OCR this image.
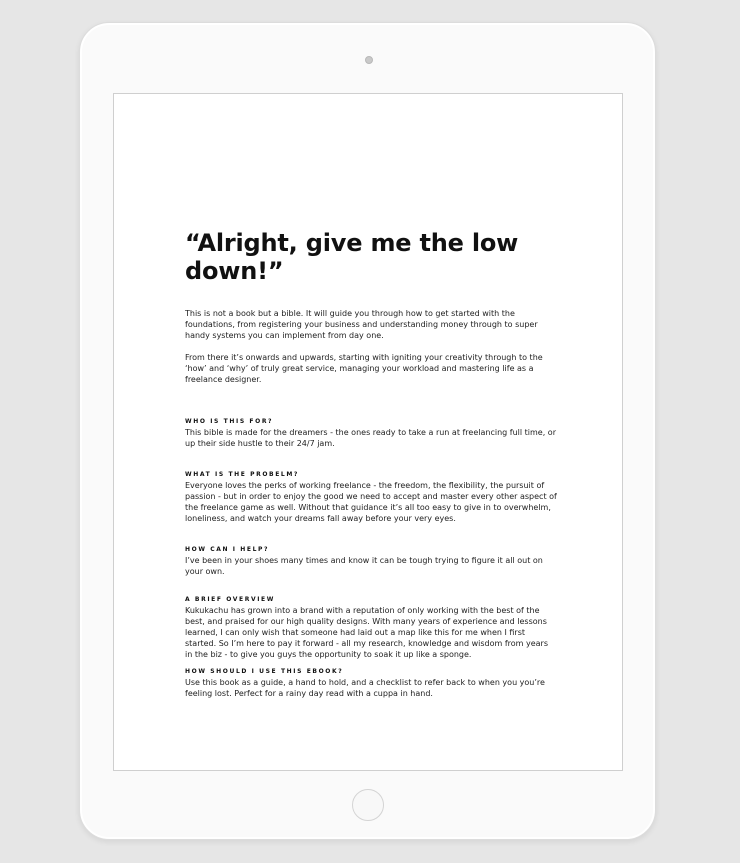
“Alright, give me the low down!”

This is not a book but a bible. It will guide you through how to get started with the foundations, from registering your business and understanding money through to super handy systems you can implement from day one.

From there it’s onwards and upwards, starting with igniting your creativity through to the ‘how’ and ‘why’ of truly great service, managing your workload and mastering life as a freelance designer.

WHO IS THIS FOR?

This bible is made for the dreamers - the ones ready to take a run at freelancing full time, or up their side hustle to their 24/7 jam.

WHAT IS THE PROBELM?

Everyone loves the perks of working freelance - the freedom, the flexibility, the pursuit of passion - but in order to enjoy the good we need to accept and master every other aspect of the freelance game as well. Without that guidance it’s all too easy to give in to overwhelm, loneliness, and watch your dreams fall away before your very eyes.

HOW CAN I HELP?

I’ve been in your shoes many times and know it can be tough trying to figure it all out on your own.

A BRIEF OVERVIEW

Kukukachu has grown into a brand with a reputation of only working with the best of the best, and praised for our high quality designs. With many years of experience and lessons learned, I can only wish that someone had laid out a map like this for me when I first started. So I’m here to pay it forward - all my research, knowledge and wisdom from years in the biz - to give you guys the opportunity to soak it up like a sponge.

HOW SHOULD I USE THIS EBOOK?

Use this book as a guide, a hand to hold, and a checklist to refer back to when you you’re feeling lost. Perfect for a rainy day read with a cuppa in hand.
